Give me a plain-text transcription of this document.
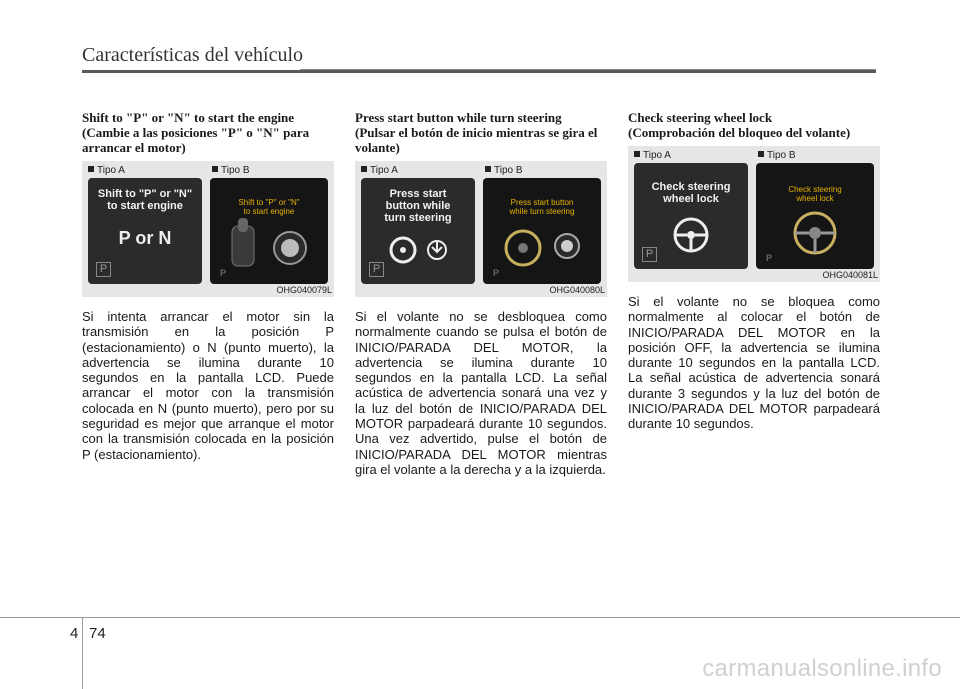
Características del vehículo
Shift to "P" or "N" to start the engine
(Cambie a las posiciones "P" o "N" para arrancar el motor)
Tipo A	Tipo B
Shift to "P" or "N"
to start engine
P or N
P
Shift to "P" or "N"
to start engine
P
OHG040079L
Si intenta arrancar el motor sin la transmisión en la posición P (estacionamiento) o N (punto muerto), la advertencia se ilumina durante 10 segundos en la pantalla LCD. Puede arrancar el motor con la transmisión colocada en N (punto muerto), pero por su seguridad es mejor que arranque el motor con la transmisión colocada en la posición P (estacionamiento).
Press start button while turn steering
(Pulsar el botón de inicio mientras se gira el volante)
Tipo A	Tipo B
Press start
button while
turn steering
P
Press start button
while turn steering
P
OHG040080L
Si el volante no se desbloquea como normalmente cuando se pulsa el botón de INICIO/PARADA DEL MOTOR, la advertencia se ilumina durante 10 segundos en la pantalla LCD. La señal acústica de advertencia sonará una vez y la luz del botón de INICIO/PARADA DEL MOTOR parpadeará durante 10 segundos. Una vez advertido, pulse el botón de INICIO/PARADA DEL MOTOR mientras gira el volante a la derecha y a la izquierda.
Check steering wheel lock
(Comprobación del bloqueo del volante)
Tipo A	Tipo B
Check steering
wheel lock
P
Check steering
wheel lock
P
OHG040081L
Si el volante no se bloquea como normalmente al colocar el botón de INICIO/PARADA DEL MOTOR en la posición OFF, la advertencia se ilumina durante 10 segundos en la pantalla LCD. La señal acústica de advertencia sonará durante 3 segundos y la luz del botón de INICIO/PARADA DEL MOTOR parpadeará durante 10 segundos.
4 74
carmanualsonline.info
